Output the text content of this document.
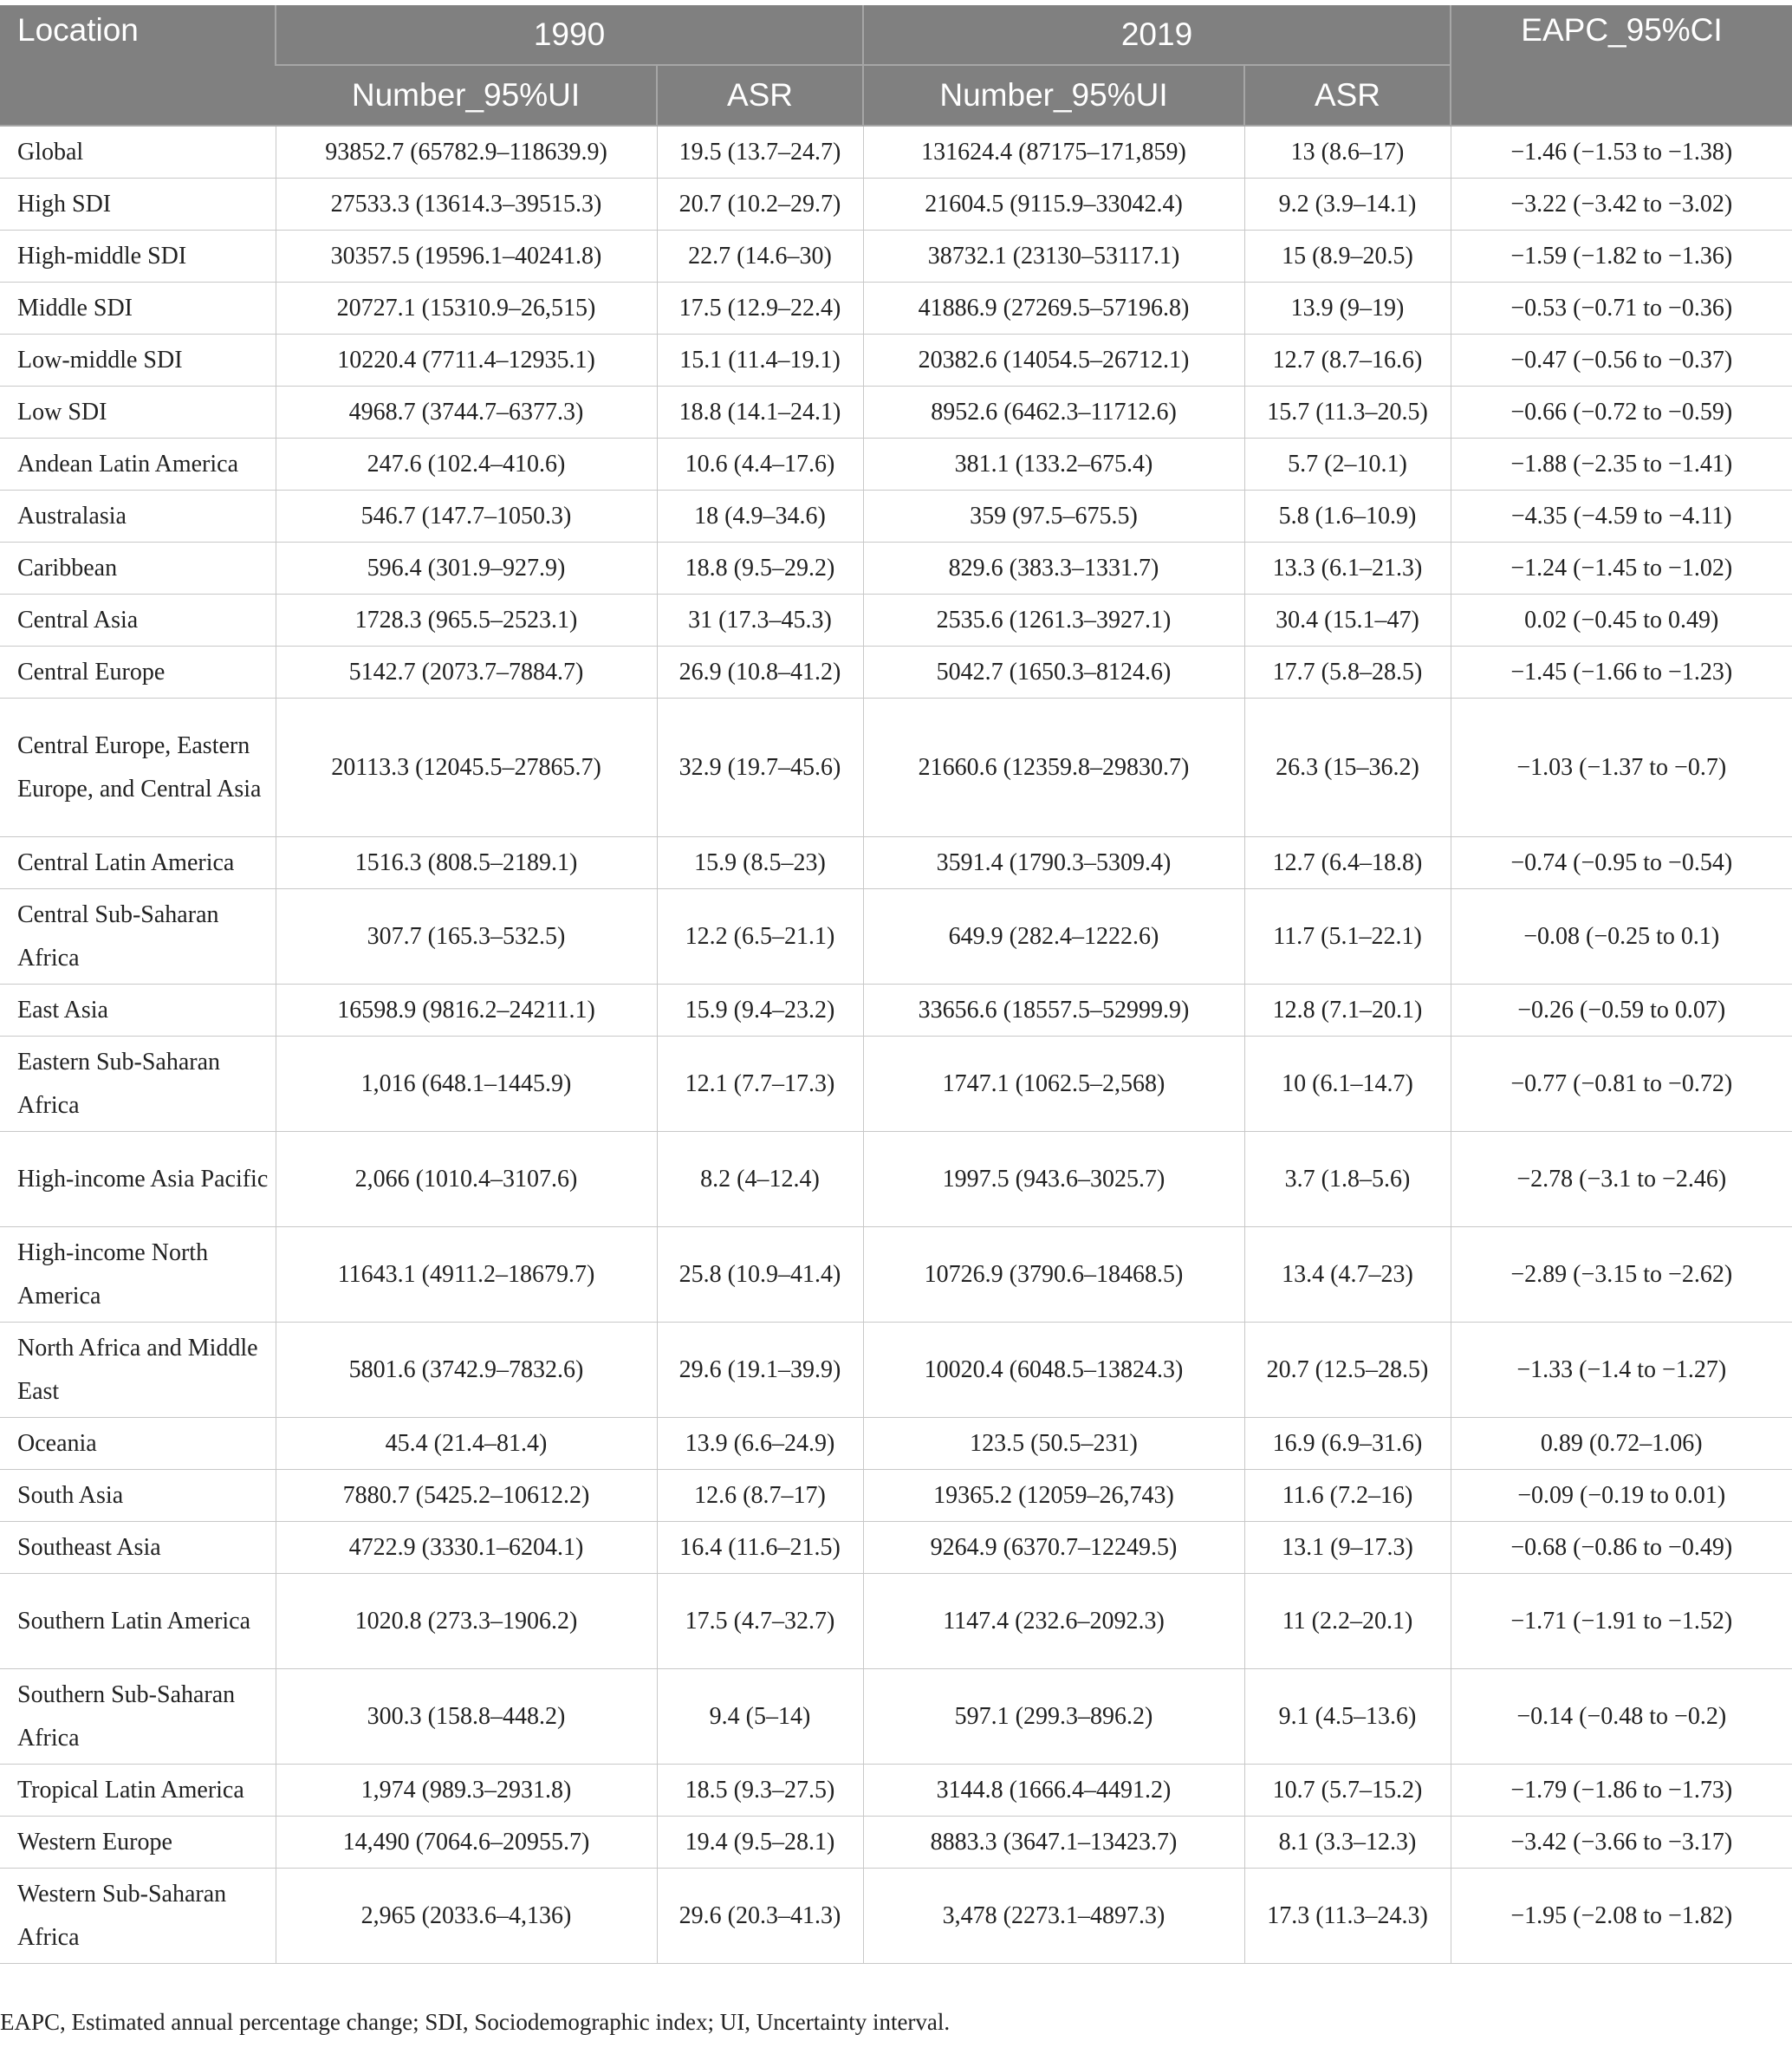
Location	1990		2019		EAPC_95%CI
	Number_95%UI	ASR	Number_95%UI	ASR	
Global	93852.7 (65782.9–118639.9)	19.5 (13.7–24.7)	131624.4 (87175–171,859)	13 (8.6–17)	−1.46 (−1.53 to −1.38)
High SDI	27533.3 (13614.3–39515.3)	20.7 (10.2–29.7)	21604.5 (9115.9–33042.4)	9.2 (3.9–14.1)	−3.22 (−3.42 to −3.02)
High-middle SDI	30357.5 (19596.1–40241.8)	22.7 (14.6–30)	38732.1 (23130–53117.1)	15 (8.9–20.5)	−1.59 (−1.82 to −1.36)
Middle SDI	20727.1 (15310.9–26,515)	17.5 (12.9–22.4)	41886.9 (27269.5–57196.8)	13.9 (9–19)	−0.53 (−0.71 to −0.36)
Low-middle SDI	10220.4 (7711.4–12935.1)	15.1 (11.4–19.1)	20382.6 (14054.5–26712.1)	12.7 (8.7–16.6)	−0.47 (−0.56 to −0.37)
Low SDI	4968.7 (3744.7–6377.3)	18.8 (14.1–24.1)	8952.6 (6462.3–11712.6)	15.7 (11.3–20.5)	−0.66 (−0.72 to −0.59)
Andean Latin America	247.6 (102.4–410.6)	10.6 (4.4–17.6)	381.1 (133.2–675.4)	5.7 (2–10.1)	−1.88 (−2.35 to −1.41)
Australasia	546.7 (147.7–1050.3)	18 (4.9–34.6)	359 (97.5–675.5)	5.8 (1.6–10.9)	−4.35 (−4.59 to −4.11)
Caribbean	596.4 (301.9–927.9)	18.8 (9.5–29.2)	829.6 (383.3–1331.7)	13.3 (6.1–21.3)	−1.24 (−1.45 to −1.02)
Central Asia	1728.3 (965.5–2523.1)	31 (17.3–45.3)	2535.6 (1261.3–3927.1)	30.4 (15.1–47)	0.02 (−0.45 to 0.49)
Central Europe	5142.7 (2073.7–7884.7)	26.9 (10.8–41.2)	5042.7 (1650.3–8124.6)	17.7 (5.8–28.5)	−1.45 (−1.66 to −1.23)
Central Europe, Eastern Europe, and Central Asia	20113.3 (12045.5–27865.7)	32.9 (19.7–45.6)	21660.6 (12359.8–29830.7)	26.3 (15–36.2)	−1.03 (−1.37 to −0.7)
Central Latin America	1516.3 (808.5–2189.1)	15.9 (8.5–23)	3591.4 (1790.3–5309.4)	12.7 (6.4–18.8)	−0.74 (−0.95 to −0.54)
Central Sub-Saharan Africa	307.7 (165.3–532.5)	12.2 (6.5–21.1)	649.9 (282.4–1222.6)	11.7 (5.1–22.1)	−0.08 (−0.25 to 0.1)
East Asia	16598.9 (9816.2–24211.1)	15.9 (9.4–23.2)	33656.6 (18557.5–52999.9)	12.8 (7.1–20.1)	−0.26 (−0.59 to 0.07)
Eastern Sub-Saharan Africa	1,016 (648.1–1445.9)	12.1 (7.7–17.3)	1747.1 (1062.5–2,568)	10 (6.1–14.7)	−0.77 (−0.81 to −0.72)
High-income Asia Pacific	2,066 (1010.4–3107.6)	8.2 (4–12.4)	1997.5 (943.6–3025.7)	3.7 (1.8–5.6)	−2.78 (−3.1 to −2.46)
High-income North America	11643.1 (4911.2–18679.7)	25.8 (10.9–41.4)	10726.9 (3790.6–18468.5)	13.4 (4.7–23)	−2.89 (−3.15 to −2.62)
North Africa and Middle East	5801.6 (3742.9–7832.6)	29.6 (19.1–39.9)	10020.4 (6048.5–13824.3)	20.7 (12.5–28.5)	−1.33 (−1.4 to −1.27)
Oceania	45.4 (21.4–81.4)	13.9 (6.6–24.9)	123.5 (50.5–231)	16.9 (6.9–31.6)	0.89 (0.72–1.06)
South Asia	7880.7 (5425.2–10612.2)	12.6 (8.7–17)	19365.2 (12059–26,743)	11.6 (7.2–16)	−0.09 (−0.19 to 0.01)
Southeast Asia	4722.9 (3330.1–6204.1)	16.4 (11.6–21.5)	9264.9 (6370.7–12249.5)	13.1 (9–17.3)	−0.68 (−0.86 to −0.49)
Southern Latin America	1020.8 (273.3–1906.2)	17.5 (4.7–32.7)	1147.4 (232.6–2092.3)	11 (2.2–20.1)	−1.71 (−1.91 to −1.52)
Southern Sub-Saharan Africa	300.3 (158.8–448.2)	9.4 (5–14)	597.1 (299.3–896.2)	9.1 (4.5–13.6)	−0.14 (−0.48 to −0.2)
Tropical Latin America	1,974 (989.3–2931.8)	18.5 (9.3–27.5)	3144.8 (1666.4–4491.2)	10.7 (5.7–15.2)	−1.79 (−1.86 to −1.73)
Western Europe	14,490 (7064.6–20955.7)	19.4 (9.5–28.1)	8883.3 (3647.1–13423.7)	8.1 (3.3–12.3)	−3.42 (−3.66 to −3.17)
Western Sub-Saharan Africa	2,965 (2033.6–4,136)	29.6 (20.3–41.3)	3,478 (2273.1–4897.3)	17.3 (11.3–24.3)	−1.95 (−2.08 to −1.82)
EAPC, Estimated annual percentage change; SDI, Sociodemographic index; UI, Uncertainty interval.
